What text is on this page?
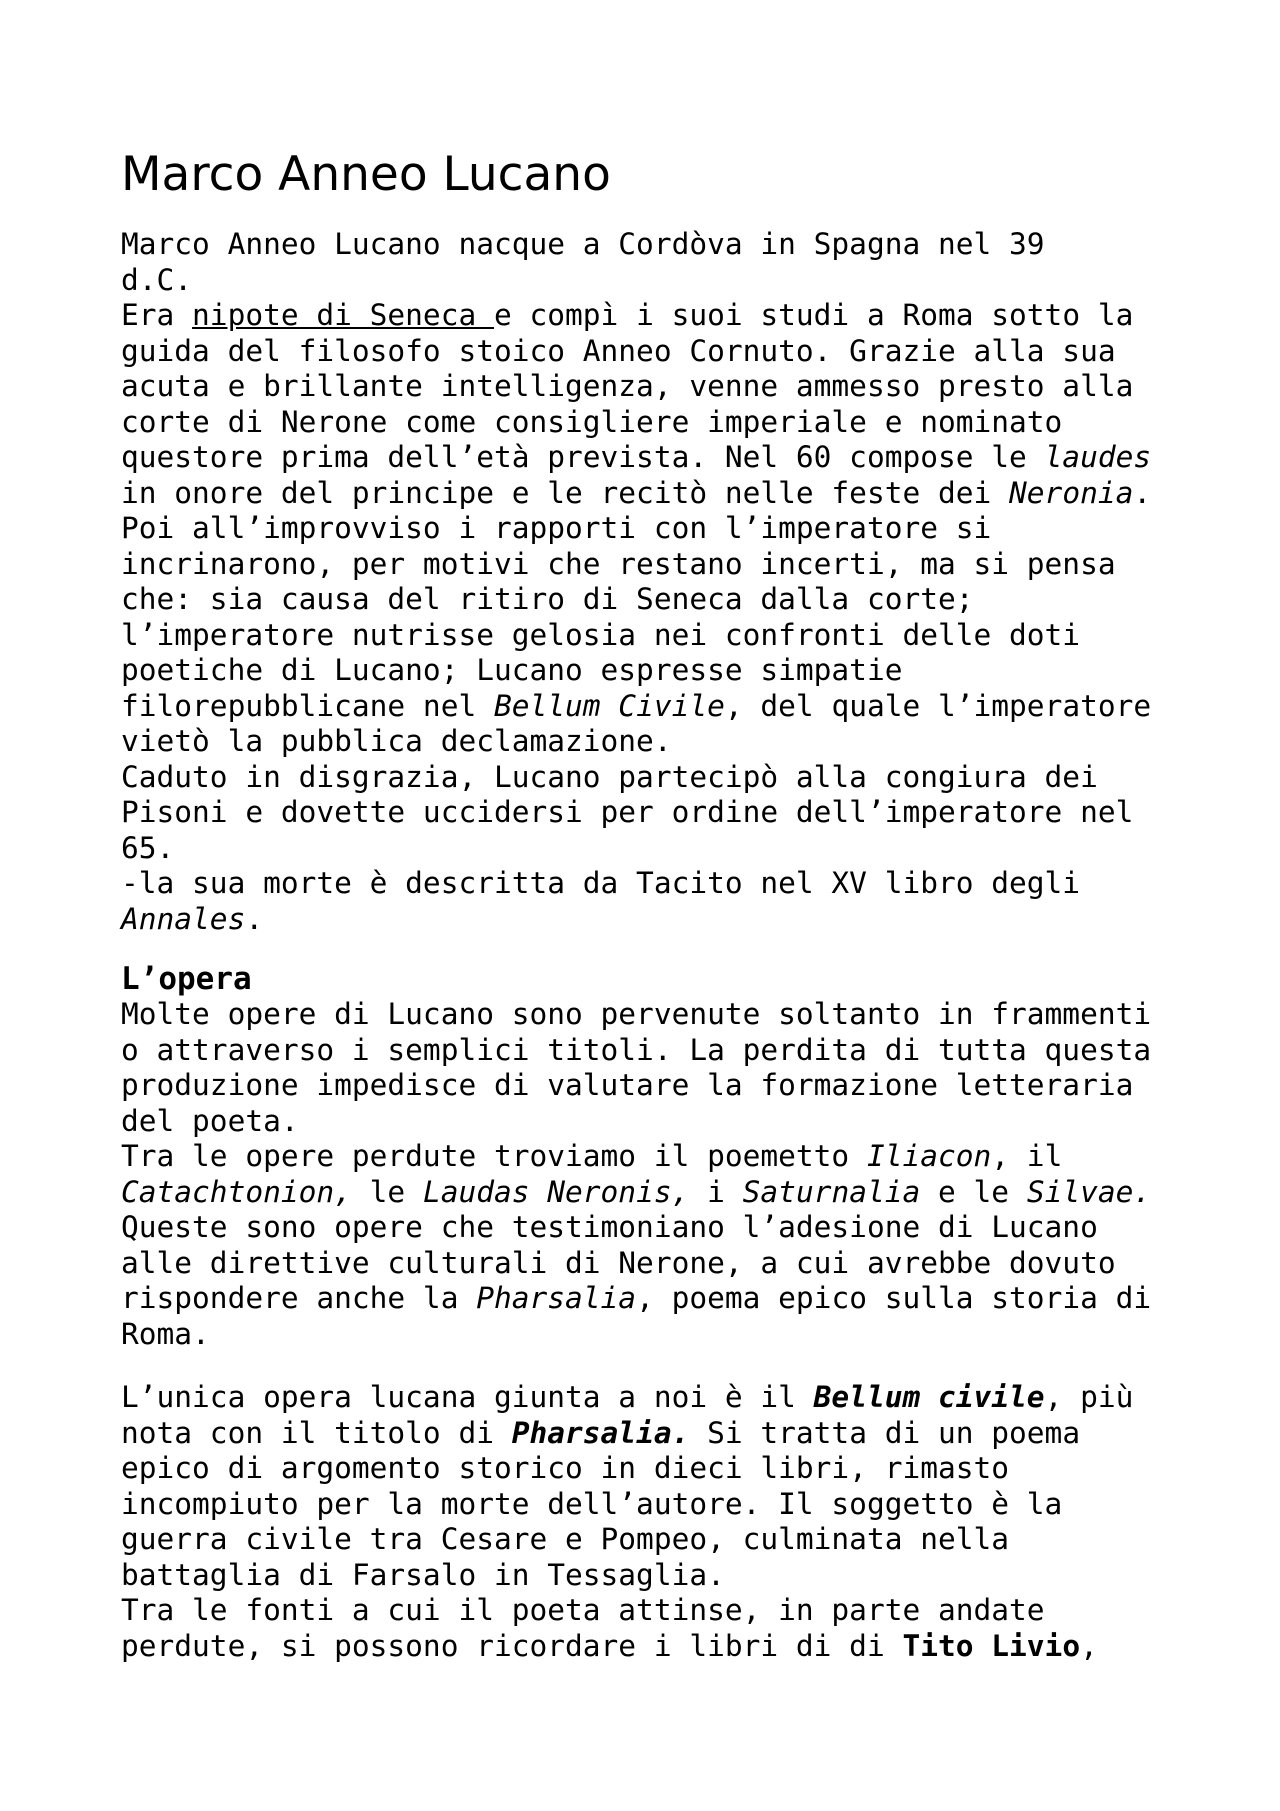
Marco Anneo Lucano

Marco Anneo Lucano nacque a Cordòva in Spagna nel 39
d.C.

Era nipote di Seneca e compì i suoi studi a Roma sotto la guida del filosofo stoico Anneo Cornuto. Grazie alla sua acuta e brillante intelligenza, venne ammesso presto alla corte di Nerone come consigliere imperiale e nominato questore prima dell’età prevista. Nel 60 compose le laudes in onore del principe e le recitò nelle feste dei Neronia. Poi all’improvviso i rapporti con l’imperatore si incrinarono, per motivi che restano incerti, ma si pensa che: sia causa del ritiro di Seneca dalla corte; l’imperatore nutrisse gelosia nei confronti delle doti poetiche di Lucano; Lucano espresse simpatie filorepubblicane nel Bellum Civile, del quale l’imperatore vietò la pubblica declamazione.

Caduto in disgrazia, Lucano partecipò alla congiura dei Pisoni e dovette uccidersi per ordine dell’imperatore nel 65.

-la sua morte è descritta da Tacito nel XV libro degli Annales.

L’opera

Molte opere di Lucano sono pervenute soltanto in frammenti o attraverso i semplici titoli. La perdita di tutta questa produzione impedisce di valutare la formazione letteraria del poeta.

Tra le opere perdute troviamo il poemetto Iliacon, il Catachtonion, le Laudas Neronis, i Saturnalia e le Silvae. Queste sono opere che testimoniano l’adesione di Lucano alle direttive culturali di Nerone, a cui avrebbe dovuto rispondere anche la Pharsalia, poema epico sulla storia di Roma.

L’unica opera lucana giunta a noi è il Bellum civile, più nota con il titolo di Pharsalia. Si tratta di un poema epico di argomento storico in dieci libri, rimasto incompiuto per la morte dell’autore. Il soggetto è la guerra civile tra Cesare e Pompeo, culminata nella battaglia di Farsalo in Tessaglia.

Tra le fonti a cui il poeta attinse, in parte andate perdute, si possono ricordare i libri di di Tito Livio,
